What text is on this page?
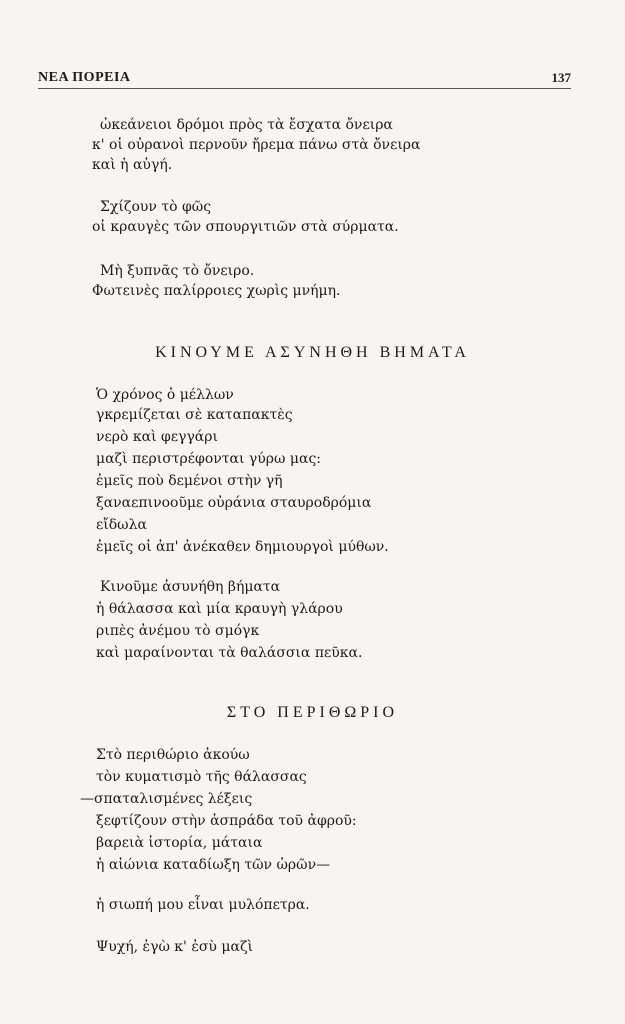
ΝΕΑ ΠΟΡΕΙΑ	137
ὠκεάνειοι δρόμοι πρὸς τὰ ἔσχατα ὄνειρα
κ' οἱ οὐρανοὶ περνοῦν ἤρεμα πάνω στὰ ὄνειρα
καὶ ἡ αὐγή.
Σχίζουν τὸ φῶς
οἱ κραυγὲς τῶν σπουργιτιῶν στὰ σύρματα.
Μὴ ξυπνᾶς τὸ ὄνειρο.
Φωτεινὲς παλίρροιες χωρὶς μνήμη.
ΚΙΝΟΥΜΕ ΑΣΥΝΗΘΗ ΒΗΜΑΤΑ
Ὁ χρόνος ὁ μέλλων
γκρεμίζεται σὲ καταπακτὲς
νερὸ καὶ φεγγάρι
μαζὶ περιστρέφονται γύρω μας:
ἐμεῖς ποὺ δεμένοι στὴν γῆ
ξαναεπινοοῦμε οὐράνια σταυροδρόμια
εἴδωλα
ἐμεῖς οἱ ἀπ' ἀνέκαθεν δημιουργοὶ μύθων.
Κινοῦμε ἀσυνήθη βήματα
ἡ θάλασσα καὶ μία κραυγὴ γλάρου
ριπὲς ἀνέμου τὸ σμόγκ
καὶ μαραίνονται τὰ θαλάσσια πεῦκα.
ΣΤΟ ΠΕΡΙΘΩΡΙΟ
Στὸ περιθώριο ἀκούω
τὸν κυματισμὸ τῆς θάλασσας
—σπαταλισμένες λέξεις
ξεφτίζουν στὴν ἀσπράδα τοῦ ἀφροῦ:
βαρειὰ ἱστορία, μάταια
ἡ αἰώνια καταδίωξη τῶν ὡρῶν—
ἡ σιωπή μου εἶναι μυλόπετρα.
Ψυχή, ἐγὼ κ' ἐσὺ μαζὶ
